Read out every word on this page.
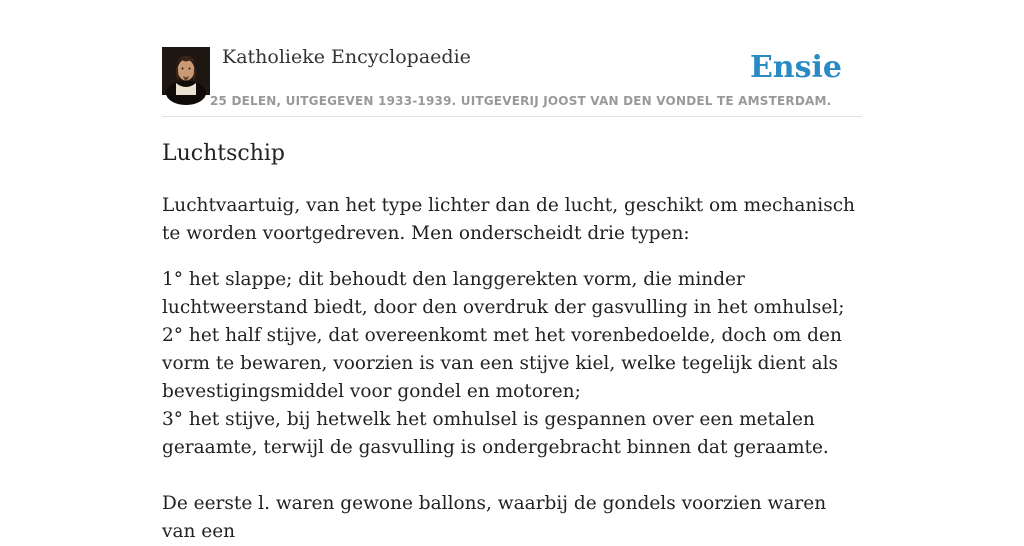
Katholieke Encyclopaedie
25 DELEN, UITGEGEVEN 1933-1939. UITGEVERIJ JOOST VAN DEN VONDEL TE AMSTERDAM.
Ensie
Luchtschip

Luchtvaartuig, van het type lichter dan de lucht, geschikt om mechanisch te worden voortgedreven. Men onderscheidt drie typen:

1° het slappe; dit behoudt den langgerekten vorm, die minder luchtweerstand biedt, door den overdruk der gasvulling in het omhulsel;
2° het half stijve, dat overeenkomt met het vorenbedoelde, doch om den vorm te bewaren, voorzien is van een stijve kiel, welke tegelijk dient als bevestigingsmiddel voor gondel en motoren;
3° het stijve, bij hetwelk het omhulsel is gespannen over een metalen geraamte, terwijl de gasvulling is ondergebracht binnen dat geraamte.

De eerste l. waren gewone ballons, waarbij de gondels voorzien waren van een
